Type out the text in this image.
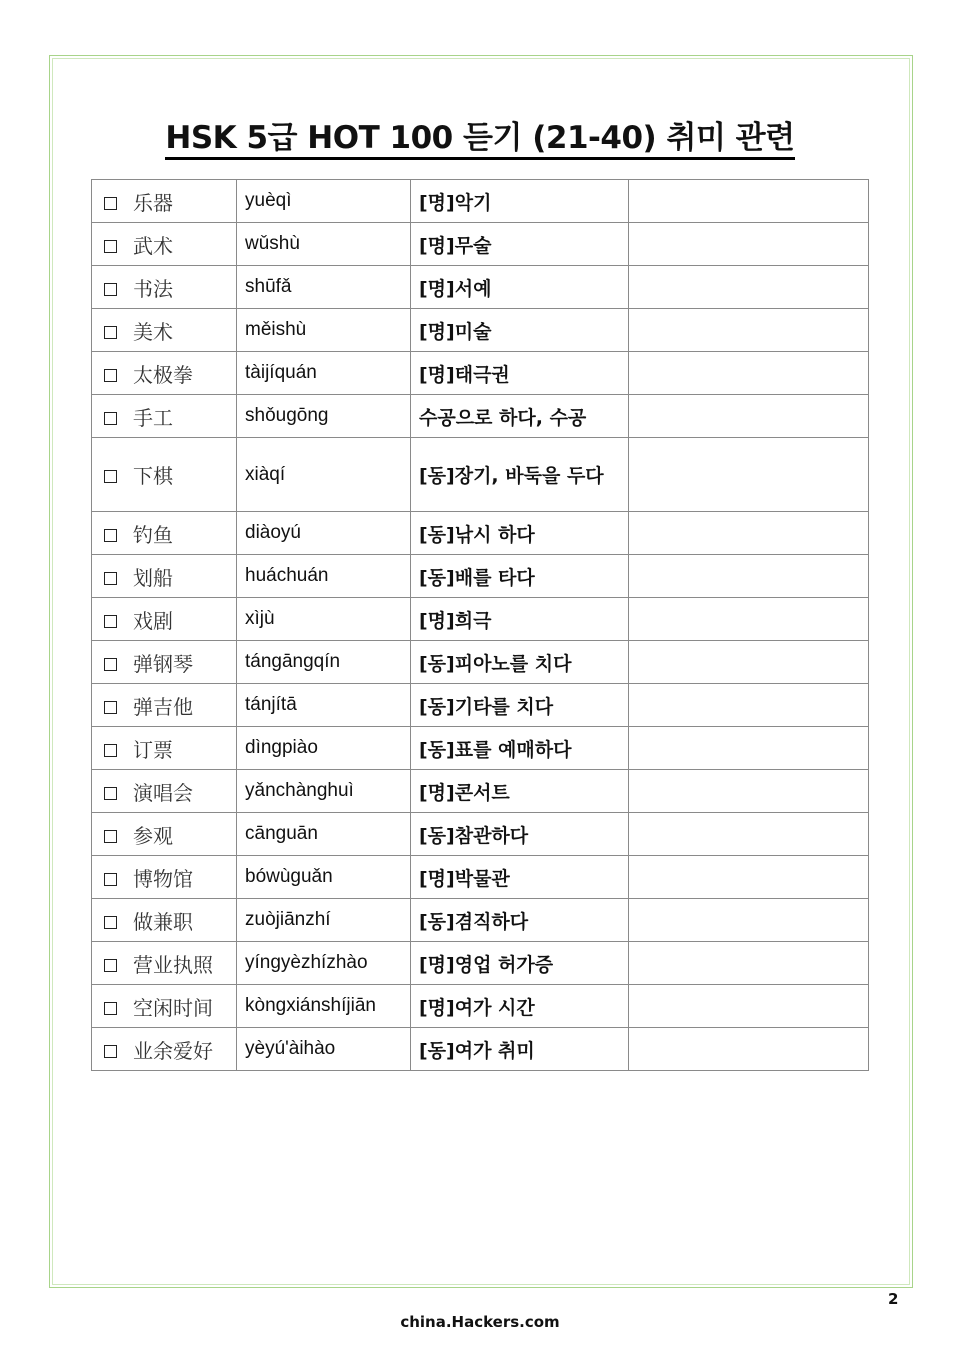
HSK 5급 HOT 100 듣기 (21-40) 취미 관련
乐器	yuèqì	[명]악기	
武术	wǔshù	[명]무술	
书法	shūfǎ	[명]서예	
美术	měishù	[명]미술	
太极拳	tàijíquán	[명]태극권	
手工	shǒugōng	수공으로 하다, 수공	
下棋	xiàqí	[동]장기, 바둑을 두다	
钓鱼	diàoyú	[동]낚시 하다	
划船	huáchuán	[동]배를 타다	
戏剧	xìjù	[명]희극	
弹钢琴	tángāngqín	[동]피아노를 치다	
弹吉他	tánjítā	[동]기타를 치다	
订票	dìngpiào	[동]표를 예매하다	
演唱会	yǎnchànghuì	[명]콘서트	
参观	cānguān	[동]참관하다	
博物馆	bówùguǎn	[명]박물관	
做兼职	zuòjiānzhí	[동]겸직하다	
营业执照	yíngyèzhízhào	[명]영업 허가증	
空闲时间	kòngxiánshíjiān	[명]여가 시간	
业余爱好	yèyú'àihào	[동]여가 취미	
2
china.Hackers.com
